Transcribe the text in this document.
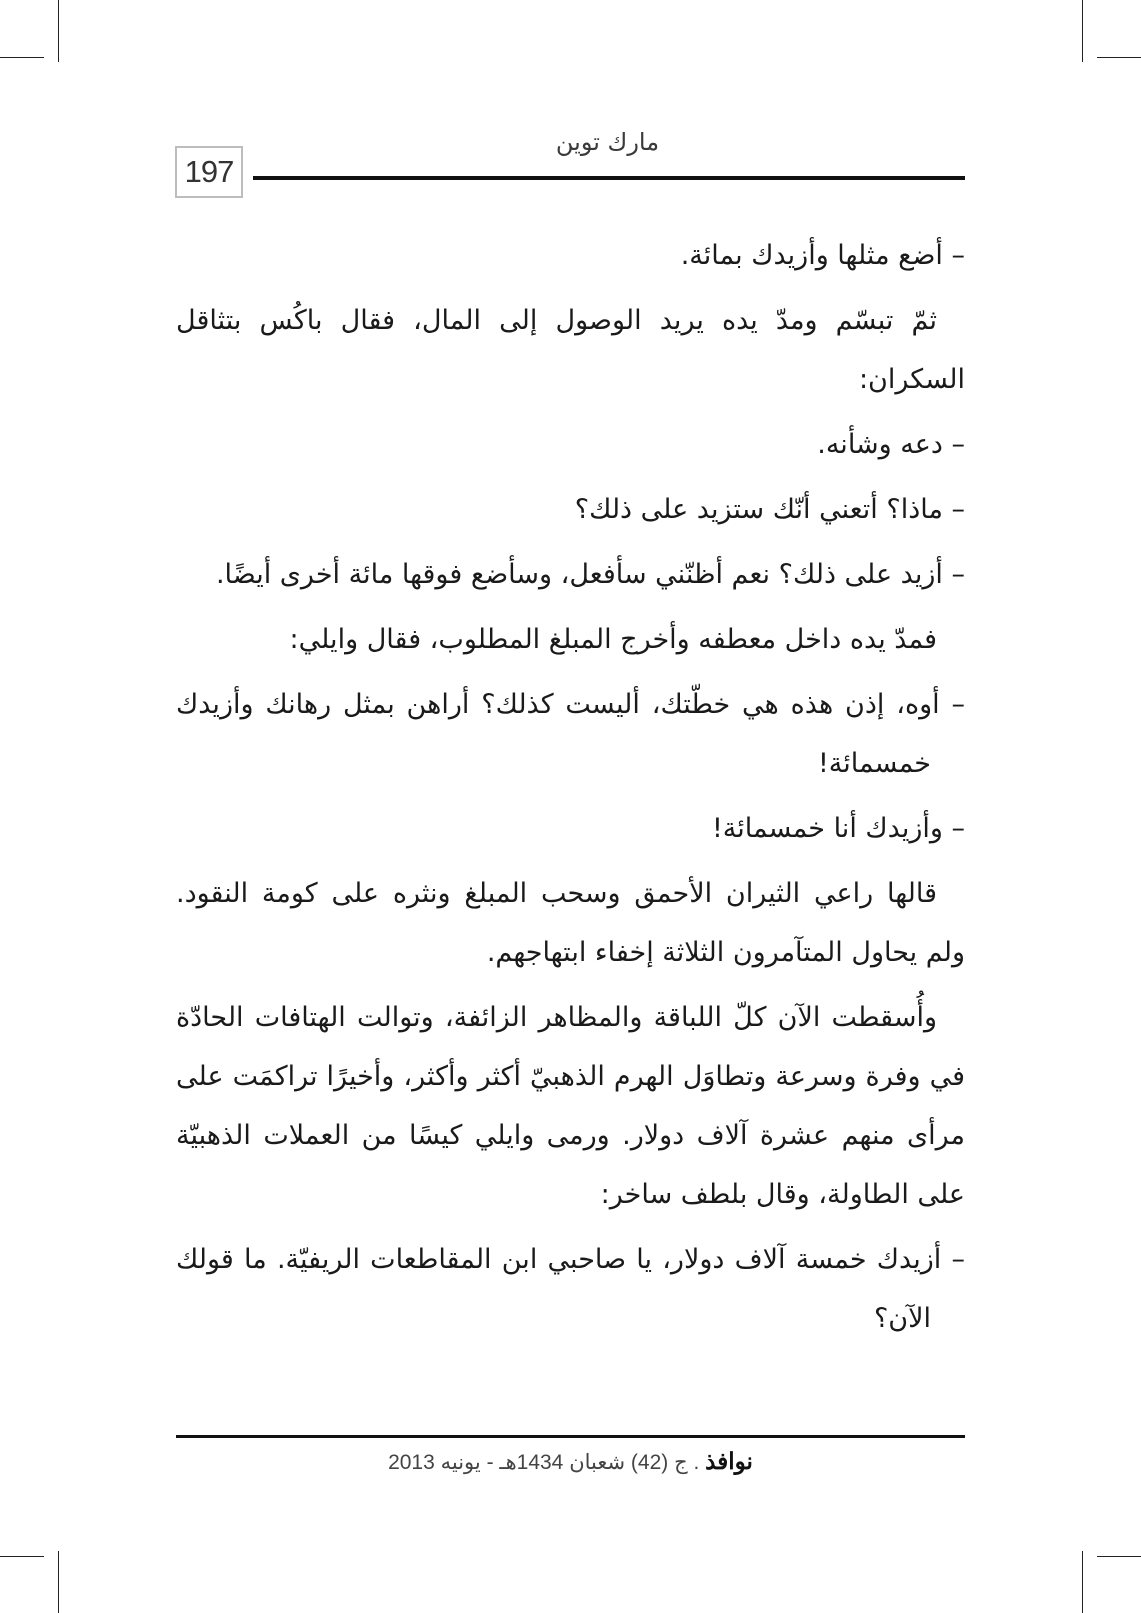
197
مارك توين

– أضع مثلها وأزيدك بمائة.

ثمّ تبسّم ومدّ يده يريد الوصول إلى المال، فقال باكُس بتثاقل السكران:

– دعه وشأنه.

– ماذا؟ أتعني أنّك ستزيد على ذلك؟

– أزيد على ذلك؟ نعم أظنّني سأفعل، وسأضع فوقها مائة أخرى أيضًا.

فمدّ يده داخل معطفه وأخرج المبلغ المطلوب، فقال وايلي:

– أوه، إذن هذه هي خطّتك، أليست كذلك؟ أراهن بمثل رهانك وأزيدك خمسمائة!

– وأزيدك أنا خمسمائة!

قالها راعي الثيران الأحمق وسحب المبلغ ونثره على كومة النقود. ولم يحاول المتآمرون الثلاثة إخفاء ابتهاجهم.

وأُسقطت الآن كلّ اللباقة والمظاهر الزائفة، وتوالت الهتافات الحادّة في وفرة وسرعة وتطاوَل الهرم الذهبيّ أكثر وأكثر، وأخيرًا تراكمَت على مرأى منهم عشرة آلاف دولار. ورمى وايلي كيسًا من العملات الذهبيّة على الطاولة، وقال بلطف ساخر:

– أزيدك خمسة آلاف دولار، يا صاحبي ابن المقاطعات الريفيّة. ما قولك الآن؟

نوافذ . ج (42) شعبان 1434هـ - يونيه 2013
